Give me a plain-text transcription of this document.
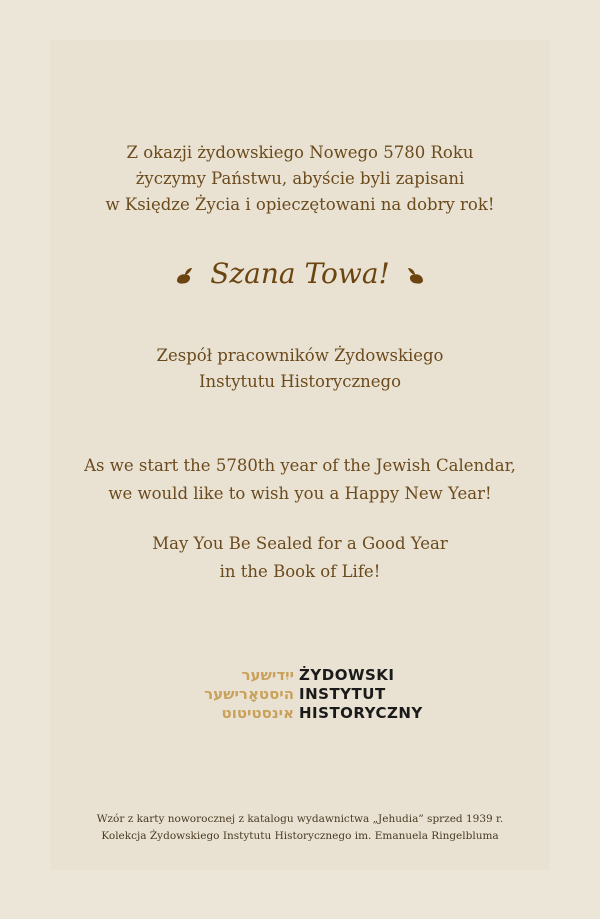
Z okazji żydowskiego Nowego 5780 Roku
życzymy Państwu, abyście byli zapisani
w Księdze Życia i opieczętowani na dobry rok!
Szana Towa!
Zespół pracowników Żydowskiego
Instytutu Historycznego
As we start the 5780th year of the Jewish Calendar,
we would like to wish you a Happy New Year!
May You Be Sealed for a Good Year
in the Book of Life!
ייִדישער
היסטאָרישער
אינסטיטוט
ŻYDOWSKI
INSTYTUT
HISTORYCZNY
Wzór z karty noworocznej z katalogu wydawnictwa „Jehudia” sprzed 1939 r.
Kolekcja Żydowskiego Instytutu Historycznego im. Emanuela Ringelbluma
